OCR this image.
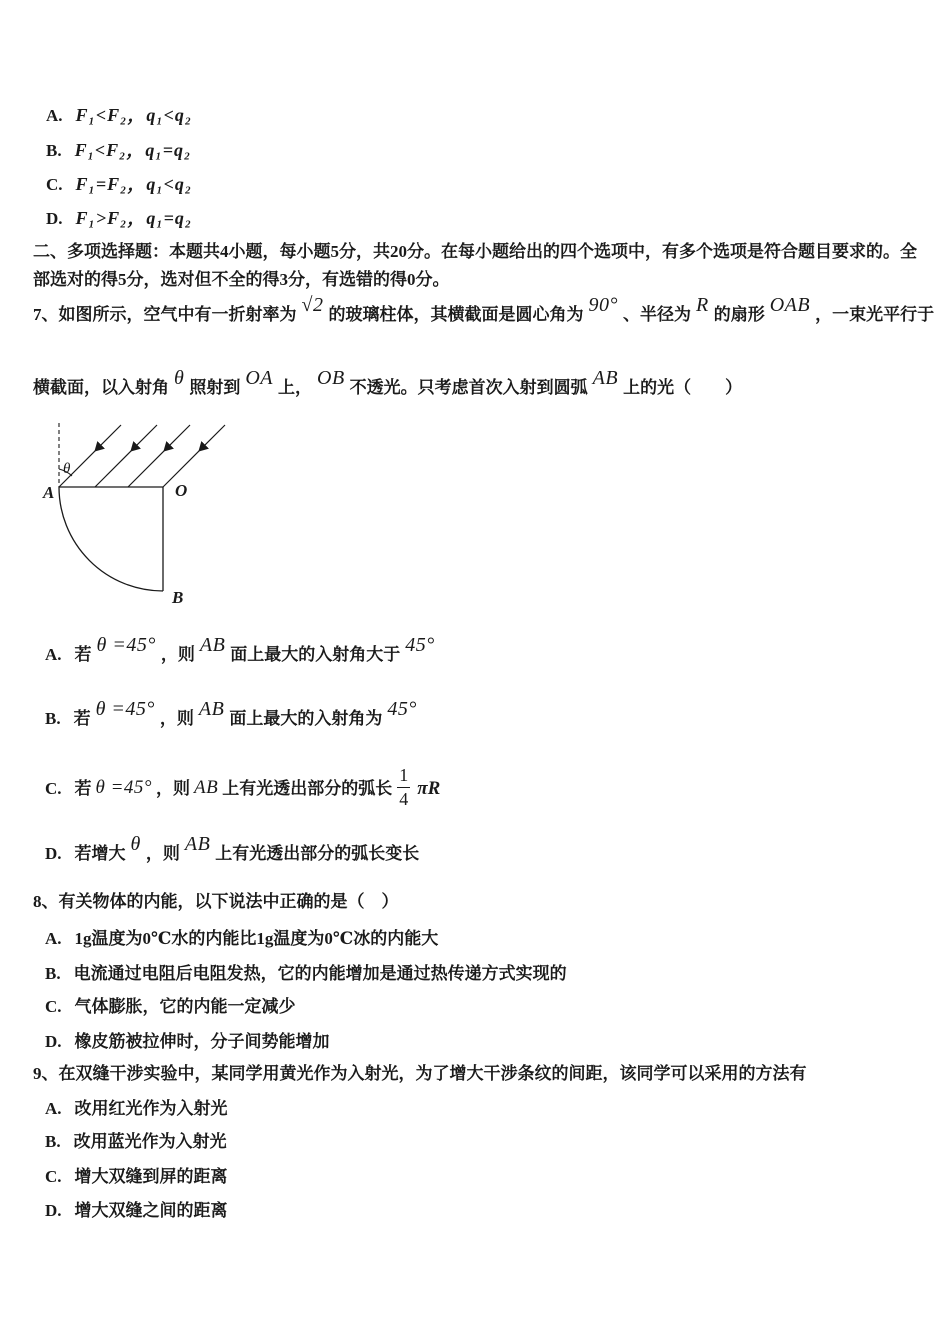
A. F₁<F₂，q₁<q₂
B. F₁<F₂，q₁=q₂
C. F₁=F₂，q₁<q₂
D. F₁>F₂，q₁=q₂
二、多项选择题：本题共4小题，每小题5分，共20分。在每小题给出的四个选项中，有多个选项是符合题目要求的。全部选对的得5分，选对但不全的得3分，有选错的得0分。
7、如图所示，空气中有一折射率为 √2 的玻璃柱体，其横截面是圆心角为 90° 、半径为 R 的扇形 OAB ，一束光平行于
横截面，以入射角 θ 照射到 OA 上， OB 不透光。只考虑首次入射到圆弧 AB 上的光（　　）
θ
A	O
B
A. 若 θ =45° ，则 AB 面上最大的入射角大于 45°
B. 若 θ =45° ，则 AB 面上最大的入射角为 45°
C. 若 θ =45° ，则 AB 上有光透出部分的弧长 $\frac{1}{4}$ πR
D. 若增大 θ ，则 AB 上有光透出部分的弧长变长
8、有关物体的内能，以下说法中正确的是（　）
A. 1g温度为0℃水的内能比1g温度为0℃冰的内能大
B. 电流通过电阻后电阻发热，它的内能增加是通过热传递方式实现的
C. 气体膨胀，它的内能一定减少
D. 橡皮筋被拉伸时，分子间势能增加
9、在双缝干涉实验中，某同学用黄光作为入射光，为了增大干涉条纹的间距，该同学可以采用的方法有
A. 改用红光作为入射光
B. 改用蓝光作为入射光
C. 增大双缝到屏的距离
D. 增大双缝之间的距离
